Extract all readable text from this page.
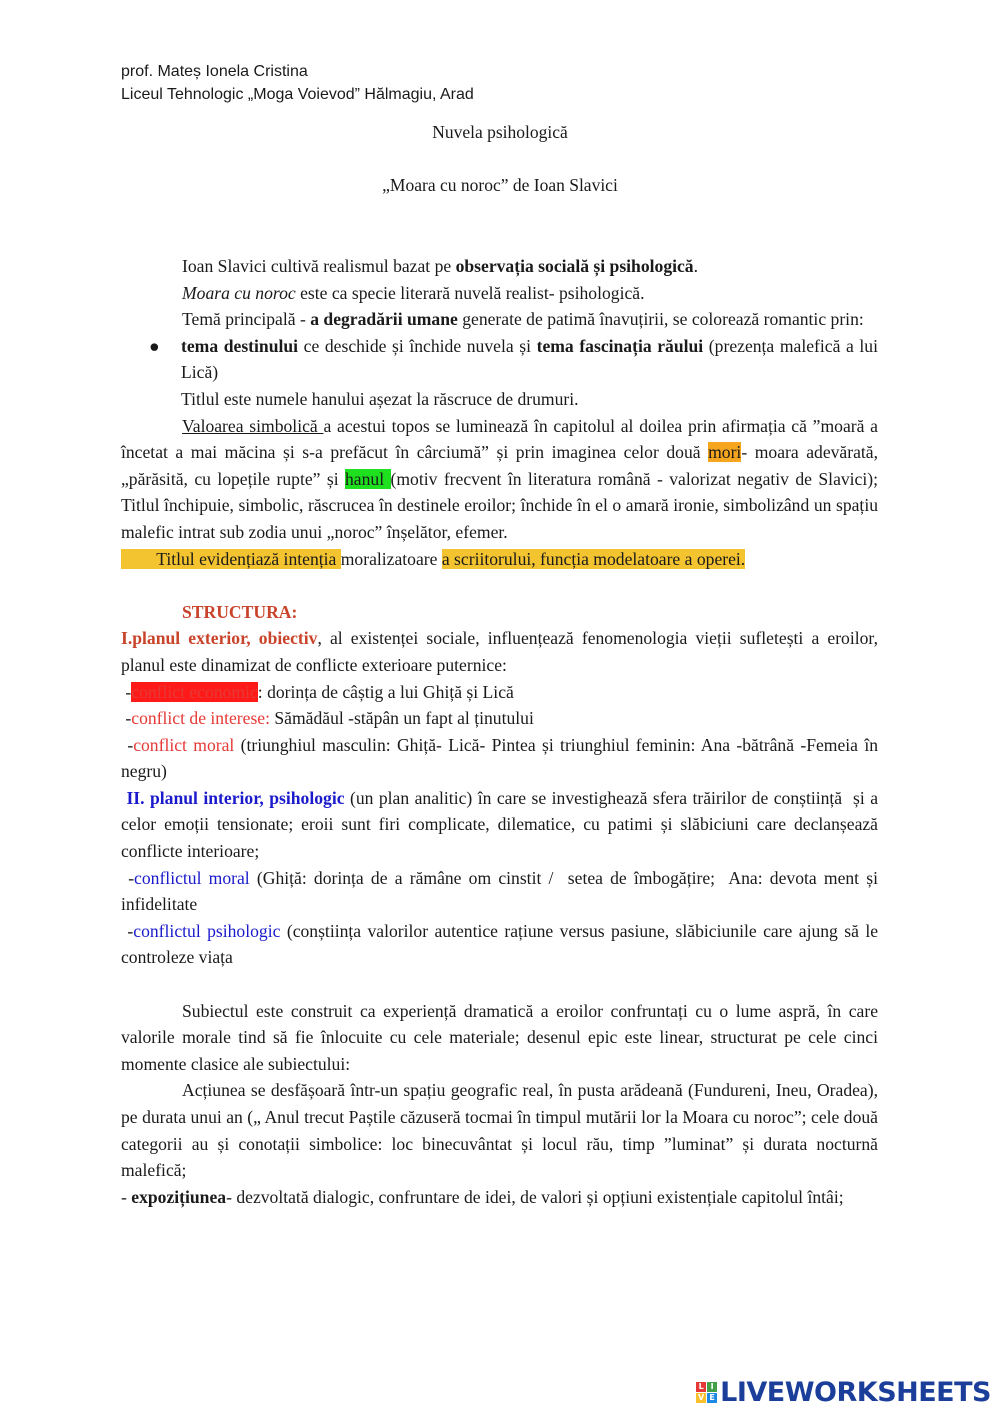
prof. Mateș Ionela Cristina
Liceul Tehnologic „Moga Voievod” Hălmagiu, Arad
Nuvela psihologică
„Moara cu noroc” de Ioan Slavici

Ioan Slavici cultivă realismul bazat pe observația socială și psihologică.

Moara cu noroc este ca specie literară nuvelă realist- psihologică.

Temă principală - a degradării umane generate de patimă înavuțirii, se colorează romantic prin:

● tema destinului ce deschide și închide nuvela și tema fascinația răului (prezența malefică a lui Lică)

Titlul este numele hanului așezat la răscruce de drumuri.

Valoarea simbolică a acestui topos se luminează în capitolul al doilea prin afirmația că ”moară a încetat a mai măcina și s-a prefăcut în cârciumă” și prin imaginea celor două mori- moara adevărată, „părăsită, cu lopețile rupte” și hanul (motiv frecvent în literatura română - valorizat negativ de Slavici); Titlul închipuie, simbolic, răscrucea în destinele eroilor; închide în el o amară ironie, simbolizând un spațiu malefic intrat sub zodia unui „noroc” înșelător, efemer.

Titlul evidențiază intenția moralizatoare a scriitorului, funcția modelatoare a operei.

STRUCTURA:

I.planul exterior, obiectiv, al existenței sociale, influențează fenomenologia vieții sufletești a eroilor, planul este dinamizat de conflicte exterioare puternice:

-conflict economic: dorința de câștig a lui Ghiță și Lică

-conflict de interese: Sămădăul -stăpân un fapt al ținutului

-conflict moral (triunghiul masculin: Ghiță- Lică- Pintea și triunghiul feminin: Ana -bătrână -Femeia în negru)

II. planul interior, psihologic (un plan analitic) în care se investighează sfera trăirilor de conștiință  și a celor emoții tensionate; eroii sunt firi complicate, dilematice, cu patimi și slăbiciuni care declanșează conflicte interioare;

-conflictul moral (Ghiță: dorința de a rămâne om cinstit /  setea de îmbogățire;  Ana: devota ment și infidelitate

-conflictul psihologic (conștiința valorilor autentice rațiune versus pasiune, slăbiciunile care ajung să le controleze viața

Subiectul este construit ca experiență dramatică a eroilor confruntați cu o lume aspră, în care valorile morale tind să fie înlocuite cu cele materiale; desenul epic este linear, structurat pe cele cinci momente clasice ale subiectului:

Acțiunea se desfășoară într-un spațiu geografic real, în pusta arădeană (Fundureni, Ineu, Oradea), pe durata unui an („ Anul trecut Paștile căzuseră tocmai în timpul mutării lor la Moara cu noroc”; cele două categorii au și conotații simbolice: loc binecuvântat și locul rău, timp ”luminat” și durata nocturnă malefică;

- expozițiunea- dezvoltată dialogic, confruntare de idei, de valori și opțiuni existențiale capitolul întâi;

L I
V E LIVEWORKSHEETS
